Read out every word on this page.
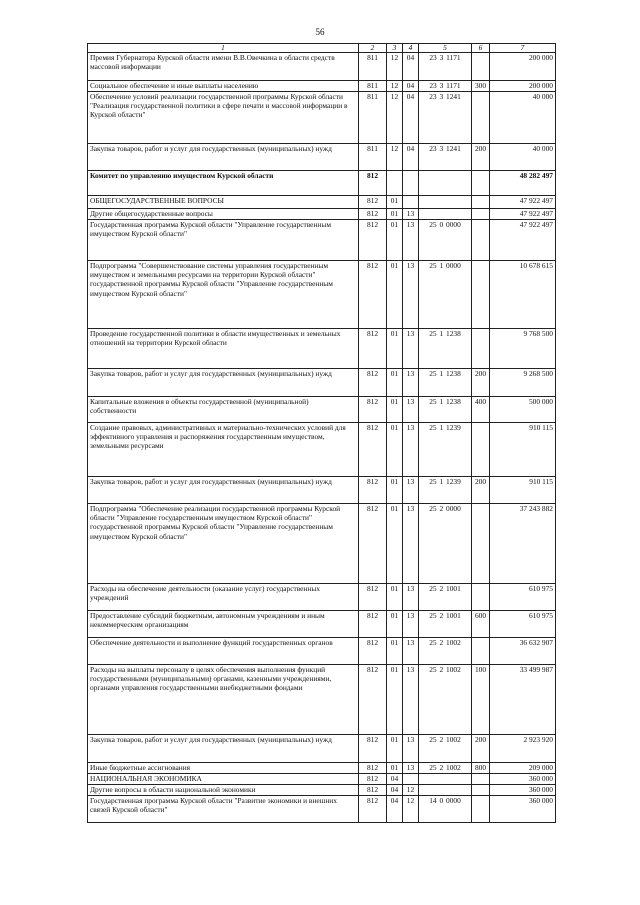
56
1	2	3	4	5	6	7
Премия Губернатора Курской области имени В.В.Овечкина в области средств массовой информации	811	12	04	23 3 1171		200 000
Социальное обеспечение и иные выплаты населению	811	12	04	23 3 1171	300	200 000
Обеспечение условий реализации государственной программы Курской области "Реализация государственной политики в сфере печати и массовой информации в Курской области"	811	12	04	23 3 1241		40 000
Закупка товаров, работ и услуг для государственных (муниципальных) нужд	811	12	04	23 3 1241	200	40 000
Комитет по управлению имуществом Курской области	812					48 282 497
ОБЩЕГОСУДАРСТВЕННЫЕ ВОПРОСЫ	812	01				47 922 497
Другие общегосударственные вопросы	812	01	13			47 922 497
Государственная программа Курской области "Управление государственным имуществом Курской области"	812	01	13	25 0 0000		47 922 497
Подпрограмма "Совершенствование системы управления государственным имуществом и земельными ресурсами на территории Курской области" государственной программы Курской области "Управление государственным имуществом Курской области"	812	01	13	25 1 0000		10 678 615
Проведение государственной политики в области имущественных и земельных отношений на территории Курской области	812	01	13	25 1 1238		9 768 500
Закупка товаров, работ и услуг для государственных (муниципальных) нужд	812	01	13	25 1 1238	200	9 268 500
Капитальные вложения в объекты государственной (муниципальной) собственности	812	01	13	25 1 1238	400	500 000
Создание правовых, административных и материально-технических условий для эффективного управления и распоряжения государственным имуществом, земельными ресурсами	812	01	13	25 1 1239		910 115
Закупка товаров, работ и услуг для государственных (муниципальных) нужд	812	01	13	25 1 1239	200	910 115
Подпрограмма "Обеспечение реализации государственной программы Курской области "Управление государственным имуществом Курской области" государственной программы Курской области "Управление государственным имуществом Курской области"	812	01	13	25 2 0000		37 243 882
Расходы на обеспечение деятельности (оказание услуг) государственных учреждений	812	01	13	25 2 1001		610 975
Предоставление субсидий бюджетным, автономным учреждениям и иным некоммерческим организациям	812	01	13	25 2 1001	600	610 975
Обеспечение деятельности и выполнение функций государственных органов	812	01	13	25 2 1002		36 632 907
Расходы на выплаты персоналу в целях обеспечения выполнения функций государственными (муниципальными) органами, казенными учреждениями, органами управления государственными внебюджетными фондами	812	01	13	25 2 1002	100	33 499 987
Закупка товаров, работ и услуг для государственных (муниципальных) нужд	812	01	13	25 2 1002	200	2 923 920
Иные бюджетные ассигнования	812	01	13	25 2 1002	800	209 000
НАЦИОНАЛЬНАЯ ЭКОНОМИКА	812	04				360 000
Другие вопросы в области национальной экономики	812	04	12			360 000
Государственная программа Курской области "Развитие экономики и внешних связей Курской области"	812	04	12	14 0 0000		360 000
